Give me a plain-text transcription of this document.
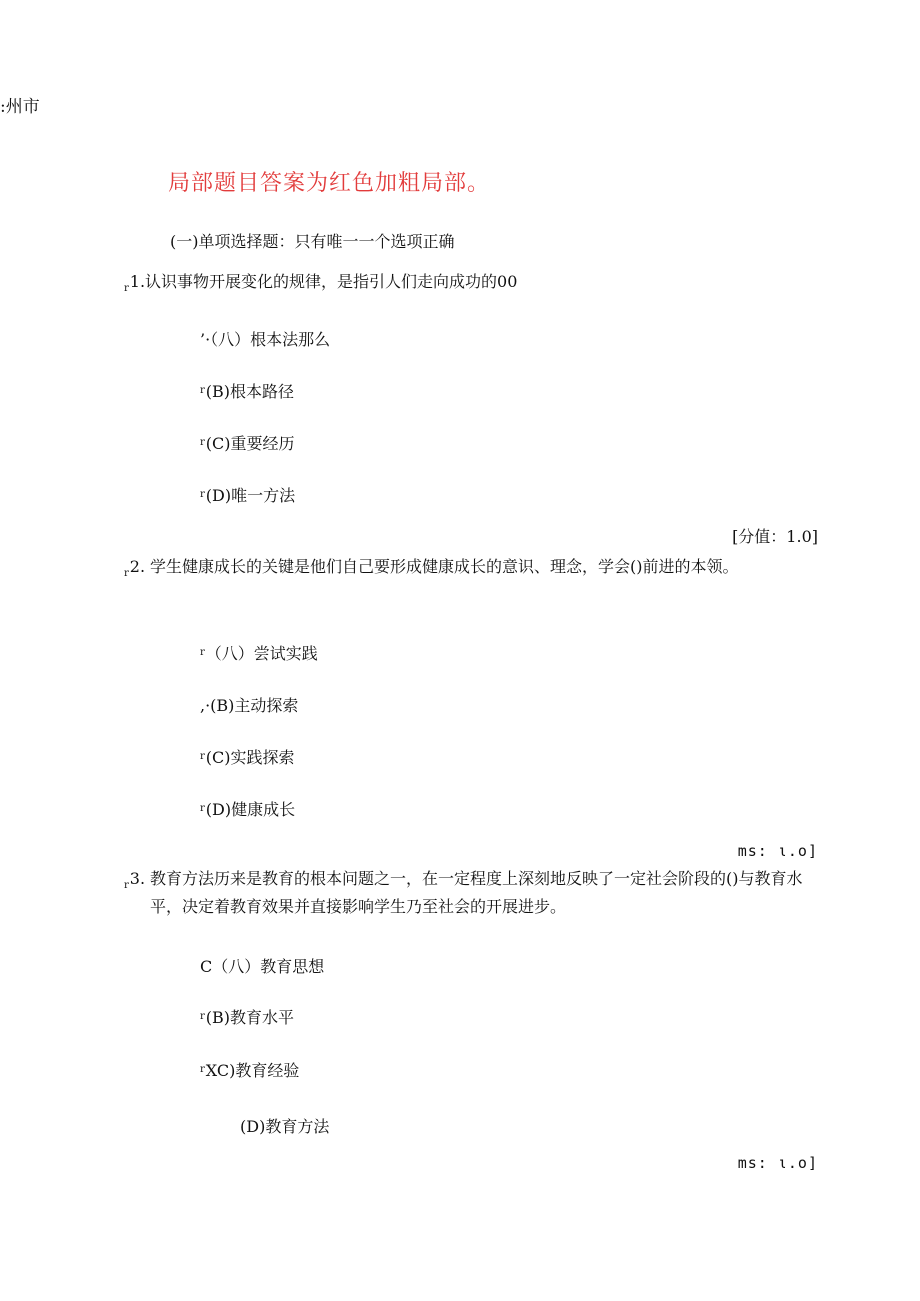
:州市
局部题目答案为红色加粗局部。
(一)单项选择题：只有唯一一个选项正确
$_r$1.认识事物开展变化的规律，是指引人们走向成功的00
’·（八）根本法那么
$^r$(B)根本路径
$^r$(C)重要经历
$^r$(D)唯一方法
[分值：1.0]
$_r$2. 学生健康成长的关键是他们自己要形成健康成长的意识、理念，学会()前进的本领。
$^r$（八）尝试实践
,·(B)主动探索
$^r$(C)实践探索
$^r$(D)健康成长
ms: ι.o]
$_r$3. 教育方法历来是教育的根本问题之一，在一定程度上深刻地反映了一定社会阶段的()与教育水平，决定着教育效果并直接影响学生乃至社会的开展进步。
C（八）教育思想
$^r$(B)教育水平
$^r$XC)教育经验
(D)教育方法
ms: ι.o]
